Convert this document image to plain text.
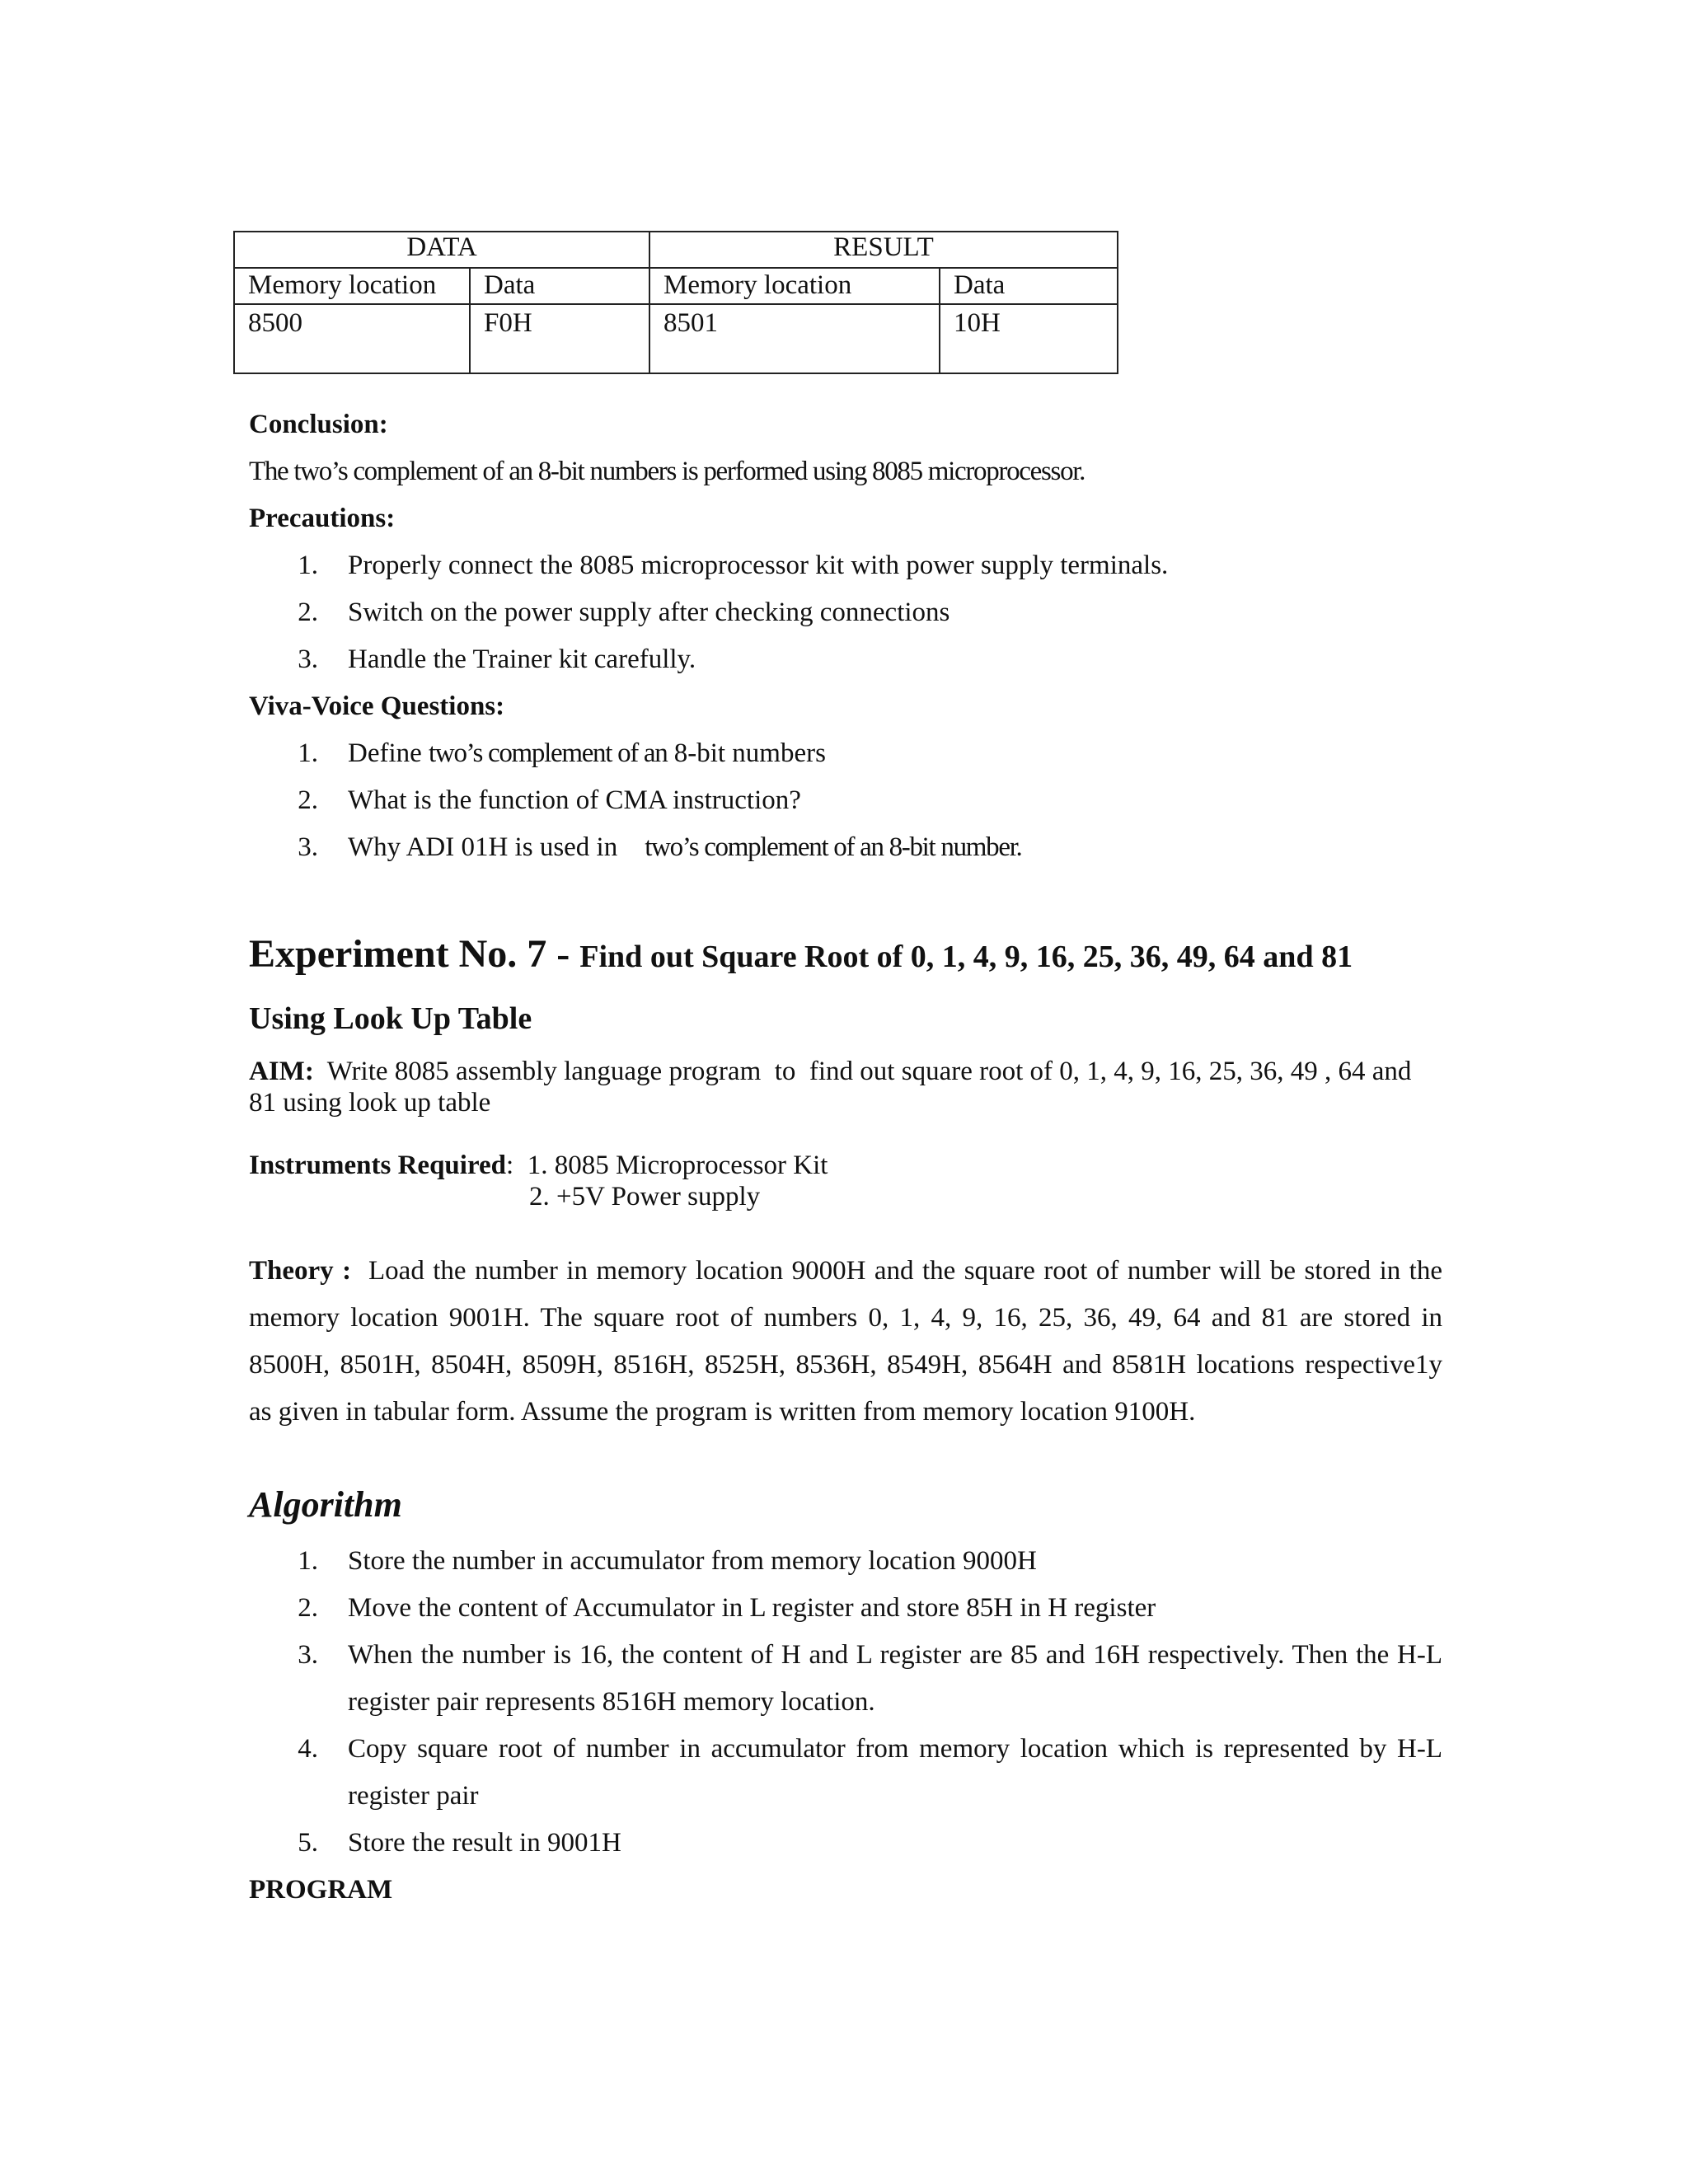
DATA		RESULT	
Memory location	Data	Memory location	Data
8500	F0H	8501	10H
Conclusion:
The two’s complement of an 8-bit numbers is performed using 8085 microprocessor.
Precautions:
1. Properly connect the 8085 microprocessor kit with power supply terminals.
2. Switch on the power supply after checking connections
3. Handle the Trainer kit carefully.
Viva-Voice Questions:
1. Define two’s complement of an 8-bit numbers
2. What is the function of CMA instruction?
3. Why ADI 01H is used in    two’s complement of an 8-bit number.
Experiment No. 7 - Find out Square Root of 0, 1, 4, 9, 16, 25, 36, 49, 64 and 81
Using Look Up Table
AIM:  Write 8085 assembly language program  to  find out square root of 0, 1, 4, 9, 16, 25, 36, 49 , 64 and
81 using look up table
Instruments Required:  1. 8085 Microprocessor Kit
2. +5V Power supply
Theory :  Load the number in memory location 9000H and the square root of number will be stored in the
memory location 9001H. The square root of numbers 0, 1, 4, 9, 16, 25, 36, 49, 64 and 81 are stored in
8500H, 8501H, 8504H, 8509H, 8516H, 8525H, 8536H, 8549H, 8564H and 8581H locations respective1y
as given in tabular form. Assume the program is written from memory location 9100H.
Algorithm
1. Store the number in accumulator from memory location 9000H
2. Move the content of Accumulator in L register and store 85H in H register
3. When the number is 16, the content of H and L register are 85 and 16H respectively. Then the H-L
register pair represents 8516H memory location.
4. Copy square root of number in accumulator from memory location which is represented by H-L
register pair
5. Store the result in 9001H
PROGRAM
